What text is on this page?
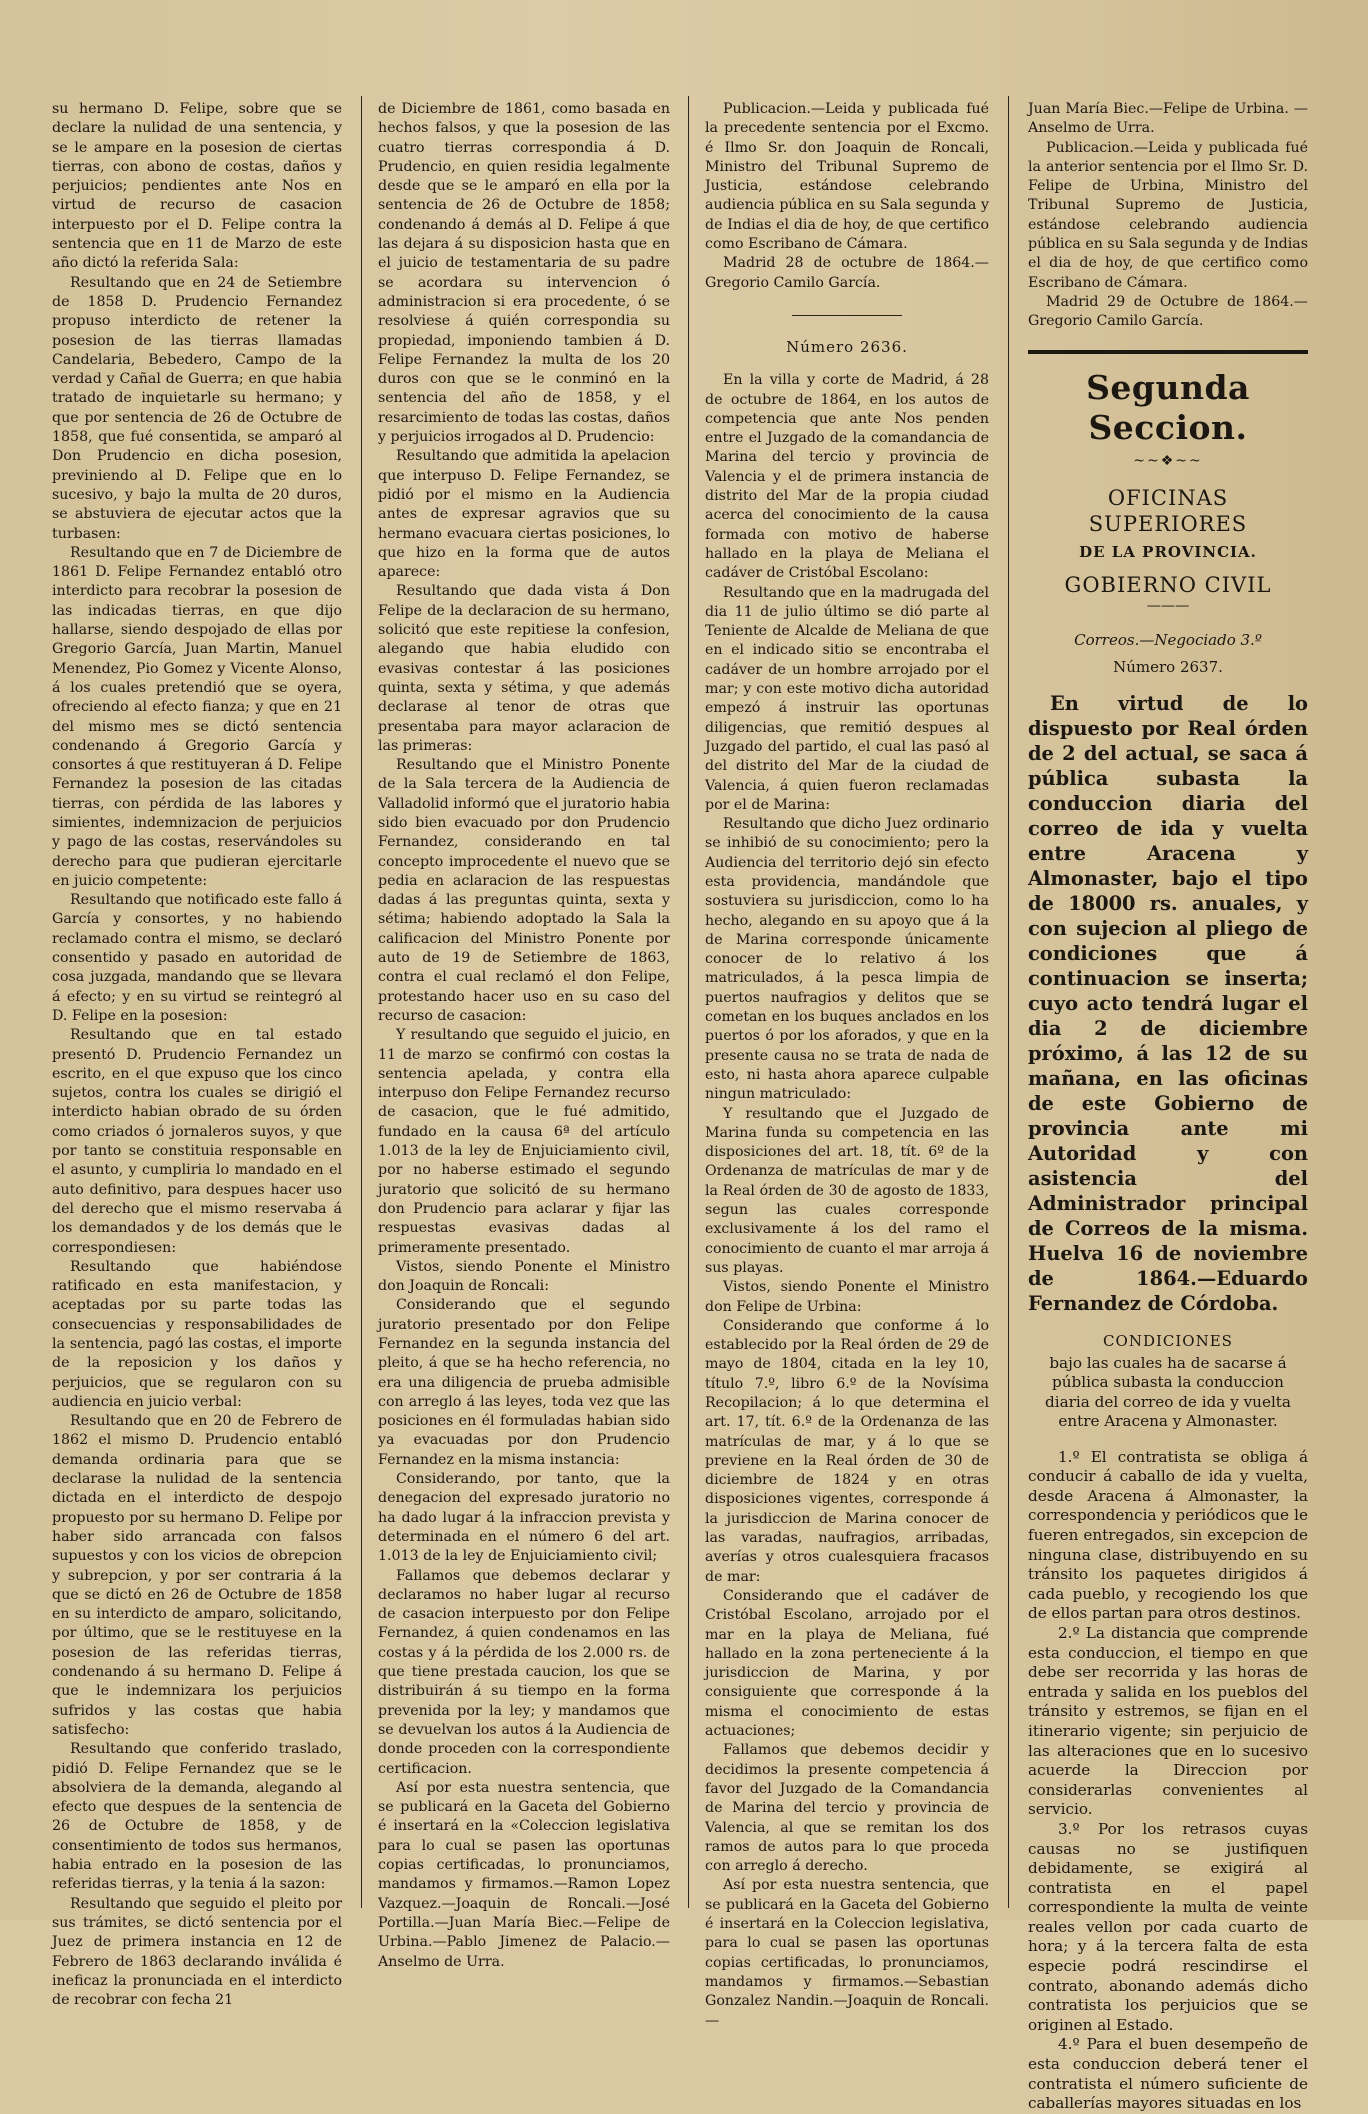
su hermano D. Felipe, sobre que se declare la nulidad de una sentencia, y se le ampare en la posesion de ciertas tierras, con abono de costas, daños y perjuicios; pendientes ante Nos en virtud de recurso de casacion interpuesto por el D. Felipe contra la sentencia que en 11 de Marzo de este año dictó la referida Sala:

Resultando que en 24 de Setiembre de 1858 D. Prudencio Fernandez propuso interdicto de retener la posesion de las tierras llamadas Candelaria, Bebedero, Campo de la verdad y Cañal de Guerra; en que habia tratado de inquietarle su hermano; y que por sentencia de 26 de Octubre de 1858, que fué consentida, se amparó al Don Prudencio en dicha posesion, previniendo al D. Felipe que en lo sucesivo, y bajo la multa de 20 duros, se abstuviera de ejecutar actos que la turbasen:

Resultando que en 7 de Diciembre de 1861 D. Felipe Fernandez entabló otro interdicto para recobrar la posesion de las indicadas tierras, en que dijo hallarse, siendo despojado de ellas por Gregorio García, Juan Martin, Manuel Menendez, Pio Gomez y Vicente Alonso, á los cuales pretendió que se oyera, ofreciendo al efecto fianza; y que en 21 del mismo mes se dictó sentencia condenando á Gregorio García y consortes á que restituyeran á D. Felipe Fernandez la posesion de las citadas tierras, con pérdida de las labores y simientes, indemnizacion de perjuicios y pago de las costas, reservándoles su derecho para que pudieran ejercitarle en juicio competente:

Resultando que notificado este fallo á García y consortes, y no habiendo reclamado contra el mismo, se declaró consentido y pasado en autoridad de cosa juzgada, mandando que se llevara á efecto; y en su virtud se reintegró al D. Felipe en la posesion:

Resultando que en tal estado presentó D. Prudencio Fernandez un escrito, en el que expuso que los cinco sujetos, contra los cuales se dirigió el interdicto habian obrado de su órden como criados ó jornaleros suyos, y que por tanto se constituia responsable en el asunto, y cumpliria lo mandado en el auto definitivo, para despues hacer uso del derecho que el mismo reservaba á los demandados y de los demás que le correspondiesen:

Resultando que habiéndose ratificado en esta manifestacion, y aceptadas por su parte todas las consecuencias y responsabilidades de la sentencia, pagó las costas, el importe de la reposicion y los daños y perjuicios, que se regularon con su audiencia en juicio verbal:

Resultando que en 20 de Febrero de 1862 el mismo D. Prudencio entabló demanda ordinaria para que se declarase la nulidad de la sentencia dictada en el interdicto de despojo propuesto por su hermano D. Felipe por haber sido arrancada con falsos supuestos y con los vicios de obrepcion y subrepcion, y por ser contraria á la que se dictó en 26 de Octubre de 1858 en su interdicto de amparo, solicitando, por último, que se le restituyese en la posesion de las referidas tierras, condenando á su hermano D. Felipe á que le indemnizara los perjuicios sufridos y las costas que habia satisfecho:

Resultando que conferido traslado, pidió D. Felipe Fernandez que se le absolviera de la demanda, alegando al efecto que despues de la sentencia de 26 de Octubre de 1858, y de consentimiento de todos sus hermanos, habia entrado en la posesion de las referidas tierras, y la tenia á la sazon:

Resultando que seguido el pleito por sus trámites, se dictó sentencia por el Juez de primera instancia en 12 de Febrero de 1863 declarando inválida é ineficaz la pronunciada en el interdicto de recobrar con fecha 21

de Diciembre de 1861, como basada en hechos falsos, y que la posesion de las cuatro tierras correspondia á D. Prudencio, en quien residia legalmente desde que se le amparó en ella por la sentencia de 26 de Octubre de 1858; condenando á demás al D. Felipe á que las dejara á su disposicion hasta que en el juicio de testamentaria de su padre se acordara su intervencion ó administracion si era procedente, ó se resolviese á quién correspondia su propiedad, imponiendo tambien á D. Felipe Fernandez la multa de los 20 duros con que se le conminó en la sentencia del año de 1858, y el resarcimiento de todas las costas, daños y perjuicios irrogados al D. Prudencio:

Resultando que admitida la apelacion que interpuso D. Felipe Fernandez, se pidió por el mismo en la Audiencia antes de expresar agravios que su hermano evacuara ciertas posiciones, lo que hizo en la forma que de autos aparece:

Resultando que dada vista á Don Felipe de la declaracion de su hermano, solicitó que este repitiese la confesion, alegando que habia eludido con evasivas contestar á las posiciones quinta, sexta y sétima, y que además declarase al tenor de otras que presentaba para mayor aclaracion de las primeras:

Resultando que el Ministro Ponente de la Sala tercera de la Audiencia de Valladolid informó que el juratorio habia sido bien evacuado por don Prudencio Fernandez, considerando en tal concepto improcedente el nuevo que se pedia en aclaracion de las respuestas dadas á las preguntas quinta, sexta y sétima; habiendo adoptado la Sala la calificacion del Ministro Ponente por auto de 19 de Setiembre de 1863, contra el cual reclamó el don Felipe, protestando hacer uso en su caso del recurso de casacion:

Y resultando que seguido el juicio, en 11 de marzo se confirmó con costas la sentencia apelada, y contra ella interpuso don Felipe Fernandez recurso de casacion, que le fué admitido, fundado en la causa 6ª del artículo 1.013 de la ley de Enjuiciamiento civil, por no haberse estimado el segundo juratorio que solicitó de su hermano don Prudencio para aclarar y fijar las respuestas evasivas dadas al primeramente presentado.

Vistos, siendo Ponente el Ministro don Joaquin de Roncali:

Considerando que el segundo juratorio presentado por don Felipe Fernandez en la segunda instancia del pleito, á que se ha hecho referencia, no era una diligencia de prueba admisible con arreglo á las leyes, toda vez que las posiciones en él formuladas habian sido ya evacuadas por don Prudencio Fernandez en la misma instancia:

Considerando, por tanto, que la denegacion del expresado juratorio no ha dado lugar á la infraccion prevista y determinada en el número 6 del art. 1.013 de la ley de Enjuiciamiento civil;

Fallamos que debemos declarar y declaramos no haber lugar al recurso de casacion interpuesto por don Felipe Fernandez, á quien condenamos en las costas y á la pérdida de los 2.000 rs. de que tiene prestada caucion, los que se distribuirán á su tiempo en la forma prevenida por la ley; y mandamos que se devuelvan los autos á la Audiencia de donde proceden con la correspondiente certificacion.

Así por esta nuestra sentencia, que se publicará en la Gaceta del Gobierno é insertará en la «Coleccion legislativa para lo cual se pasen las oportunas copias certificadas, lo pronunciamos, mandamos y firmamos.—Ramon Lopez Vazquez.—Joaquin de Roncali.—José Portilla.—Juan María Biec.—Felipe de Urbina.—Pablo Jimenez de Palacio.—Anselmo de Urra.

Publicacion.—Leida y publicada fué la precedente sentencia por el Excmo. é Ilmo Sr. don Joaquin de Roncali, Ministro del Tribunal Supremo de Justicia, estándose celebrando audiencia pública en su Sala segunda y de Indias el dia de hoy, de que certifico como Escribano de Cámara.

Madrid 28 de octubre de 1864.— Gregorio Camilo García.

Número 2636.

En la villa y corte de Madrid, á 28 de octubre de 1864, en los autos de competencia que ante Nos penden entre el Juzgado de la comandancia de Marina del tercio y provincia de Valencia y el de primera instancia de distrito del Mar de la propia ciudad acerca del conocimiento de la causa formada con motivo de haberse hallado en la playa de Meliana el cadáver de Cristóbal Escolano:

Resultando que en la madrugada del dia 11 de julio último se dió parte al Teniente de Alcalde de Meliana de que en el indicado sitio se encontraba el cadáver de un hombre arrojado por el mar; y con este motivo dicha autoridad empezó á instruir las oportunas diligencias, que remitió despues al Juzgado del partido, el cual las pasó al del distrito del Mar de la ciudad de Valencia, á quien fueron reclamadas por el de Marina:

Resultando que dicho Juez ordinario se inhibió de su conocimiento; pero la Audiencia del territorio dejó sin efecto esta providencia, mandándole que sostuviera su jurisdiccion, como lo ha hecho, alegando en su apoyo que á la de Marina corresponde únicamente conocer de lo relativo á los matriculados, á la pesca limpia de puertos naufragios y delitos que se cometan en los buques anclados en los puertos ó por los aforados, y que en la presente causa no se trata de nada de esto, ni hasta ahora aparece culpable ningun matriculado:

Y resultando que el Juzgado de Marina funda su competencia en las disposiciones del art. 18, tít. 6º de la Ordenanza de matrículas de mar y de la Real órden de 30 de agosto de 1833, segun las cuales corresponde exclusivamente á los del ramo el conocimiento de cuanto el mar arroja á sus playas.

Vistos, siendo Ponente el Ministro don Felipe de Urbina:

Considerando que conforme á lo establecido por la Real órden de 29 de mayo de 1804, citada en la ley 10, título 7.º, libro 6.º de la Novísima Recopilacion; á lo que determina el art. 17, tít. 6.º de la Ordenanza de las matrículas de mar, y á lo que se previene en la Real órden de 30 de diciembre de 1824 y en otras disposiciones vigentes, corresponde á la jurisdiccion de Marina conocer de las varadas, naufragios, arribadas, averías y otros cualesquiera fracasos de mar:

Considerando que el cadáver de Cristóbal Escolano, arrojado por el mar en la playa de Meliana, fué hallado en la zona perteneciente á la jurisdiccion de Marina, y por consiguiente que corresponde á la misma el conocimiento de estas actuaciones;

Fallamos que debemos decidir y decidimos la presente competencia á favor del Juzgado de la Comandancia de Marina del tercio y provincia de Valencia, al que se remitan los dos ramos de autos para lo que proceda con arreglo á derecho.

Así por esta nuestra sentencia, que se publicará en la Gaceta del Gobierno é insertará en la Coleccion legislativa, para lo cual se pasen las oportunas copias certificadas, lo pronunciamos, mandamos y firmamos.—Sebastian Gonzalez Nandin.—Joaquin de Roncali.—

Juan María Biec.—Felipe de Urbina. —Anselmo de Urra.

Publicacion.—Leida y publicada fué la anterior sentencia por el Ilmo Sr. D. Felipe de Urbina, Ministro del Tribunal Supremo de Justicia, estándose celebrando audiencia pública en su Sala segunda y de Indias el dia de hoy, de que certifico como Escribano de Cámara.

Madrid 29 de Octubre de 1864.— Gregorio Camilo García.

Segunda Seccion.
~~❖~~
OFICINAS SUPERIORES
DE LA PROVINCIA.
GOBIERNO CIVIL
———
Correos.—Negociado 3.º
Número 2637.

En virtud de lo dispuesto por Real órden de 2 del actual, se saca á pública subasta la conduccion diaria del correo de ida y vuelta entre Aracena y Almonaster, bajo el tipo de 18000 rs. anuales, y con sujecion al pliego de condiciones que á continuacion se inserta; cuyo acto tendrá lugar el dia 2 de diciembre próximo, á las 12 de su mañana, en las oficinas de este Gobierno de provincia ante mi Autoridad y con asistencia del Administrador principal de Correos de la misma. Huelva 16 de noviembre de 1864.—Eduardo Fernandez de Córdoba.

CONDICIONES
bajo las cuales ha de sacarse á pública subasta la conduccion diaria del correo de ida y vuelta entre Aracena y Almonaster.

1.º El contratista se obliga á conducir á caballo de ida y vuelta, desde Aracena á Almonaster, la correspondencia y periódicos que le fueren entregados, sin excepcion de ninguna clase, distribuyendo en su tránsito los paquetes dirigidos á cada pueblo, y recogiendo los que de ellos partan para otros destinos.

2.º La distancia que comprende esta conduccion, el tiempo en que debe ser recorrida y las horas de entrada y salida en los pueblos del tránsito y estremos, se fijan en el itinerario vigente; sin perjuicio de las alteraciones que en lo sucesivo acuerde la Direccion por considerarlas convenientes al servicio.

3.º Por los retrasos cuyas causas no se justifiquen debidamente, se exigirá al contratista en el papel correspondiente la multa de veinte reales vellon por cada cuarto de hora; y á la tercera falta de esta especie podrá rescindirse el contrato, abonando además dicho contratista los perjuicios que se originen al Estado.

4.º Para el buen desempeño de esta conduccion deberá tener el contratista el número suficiente de caballerías mayores situadas en los
